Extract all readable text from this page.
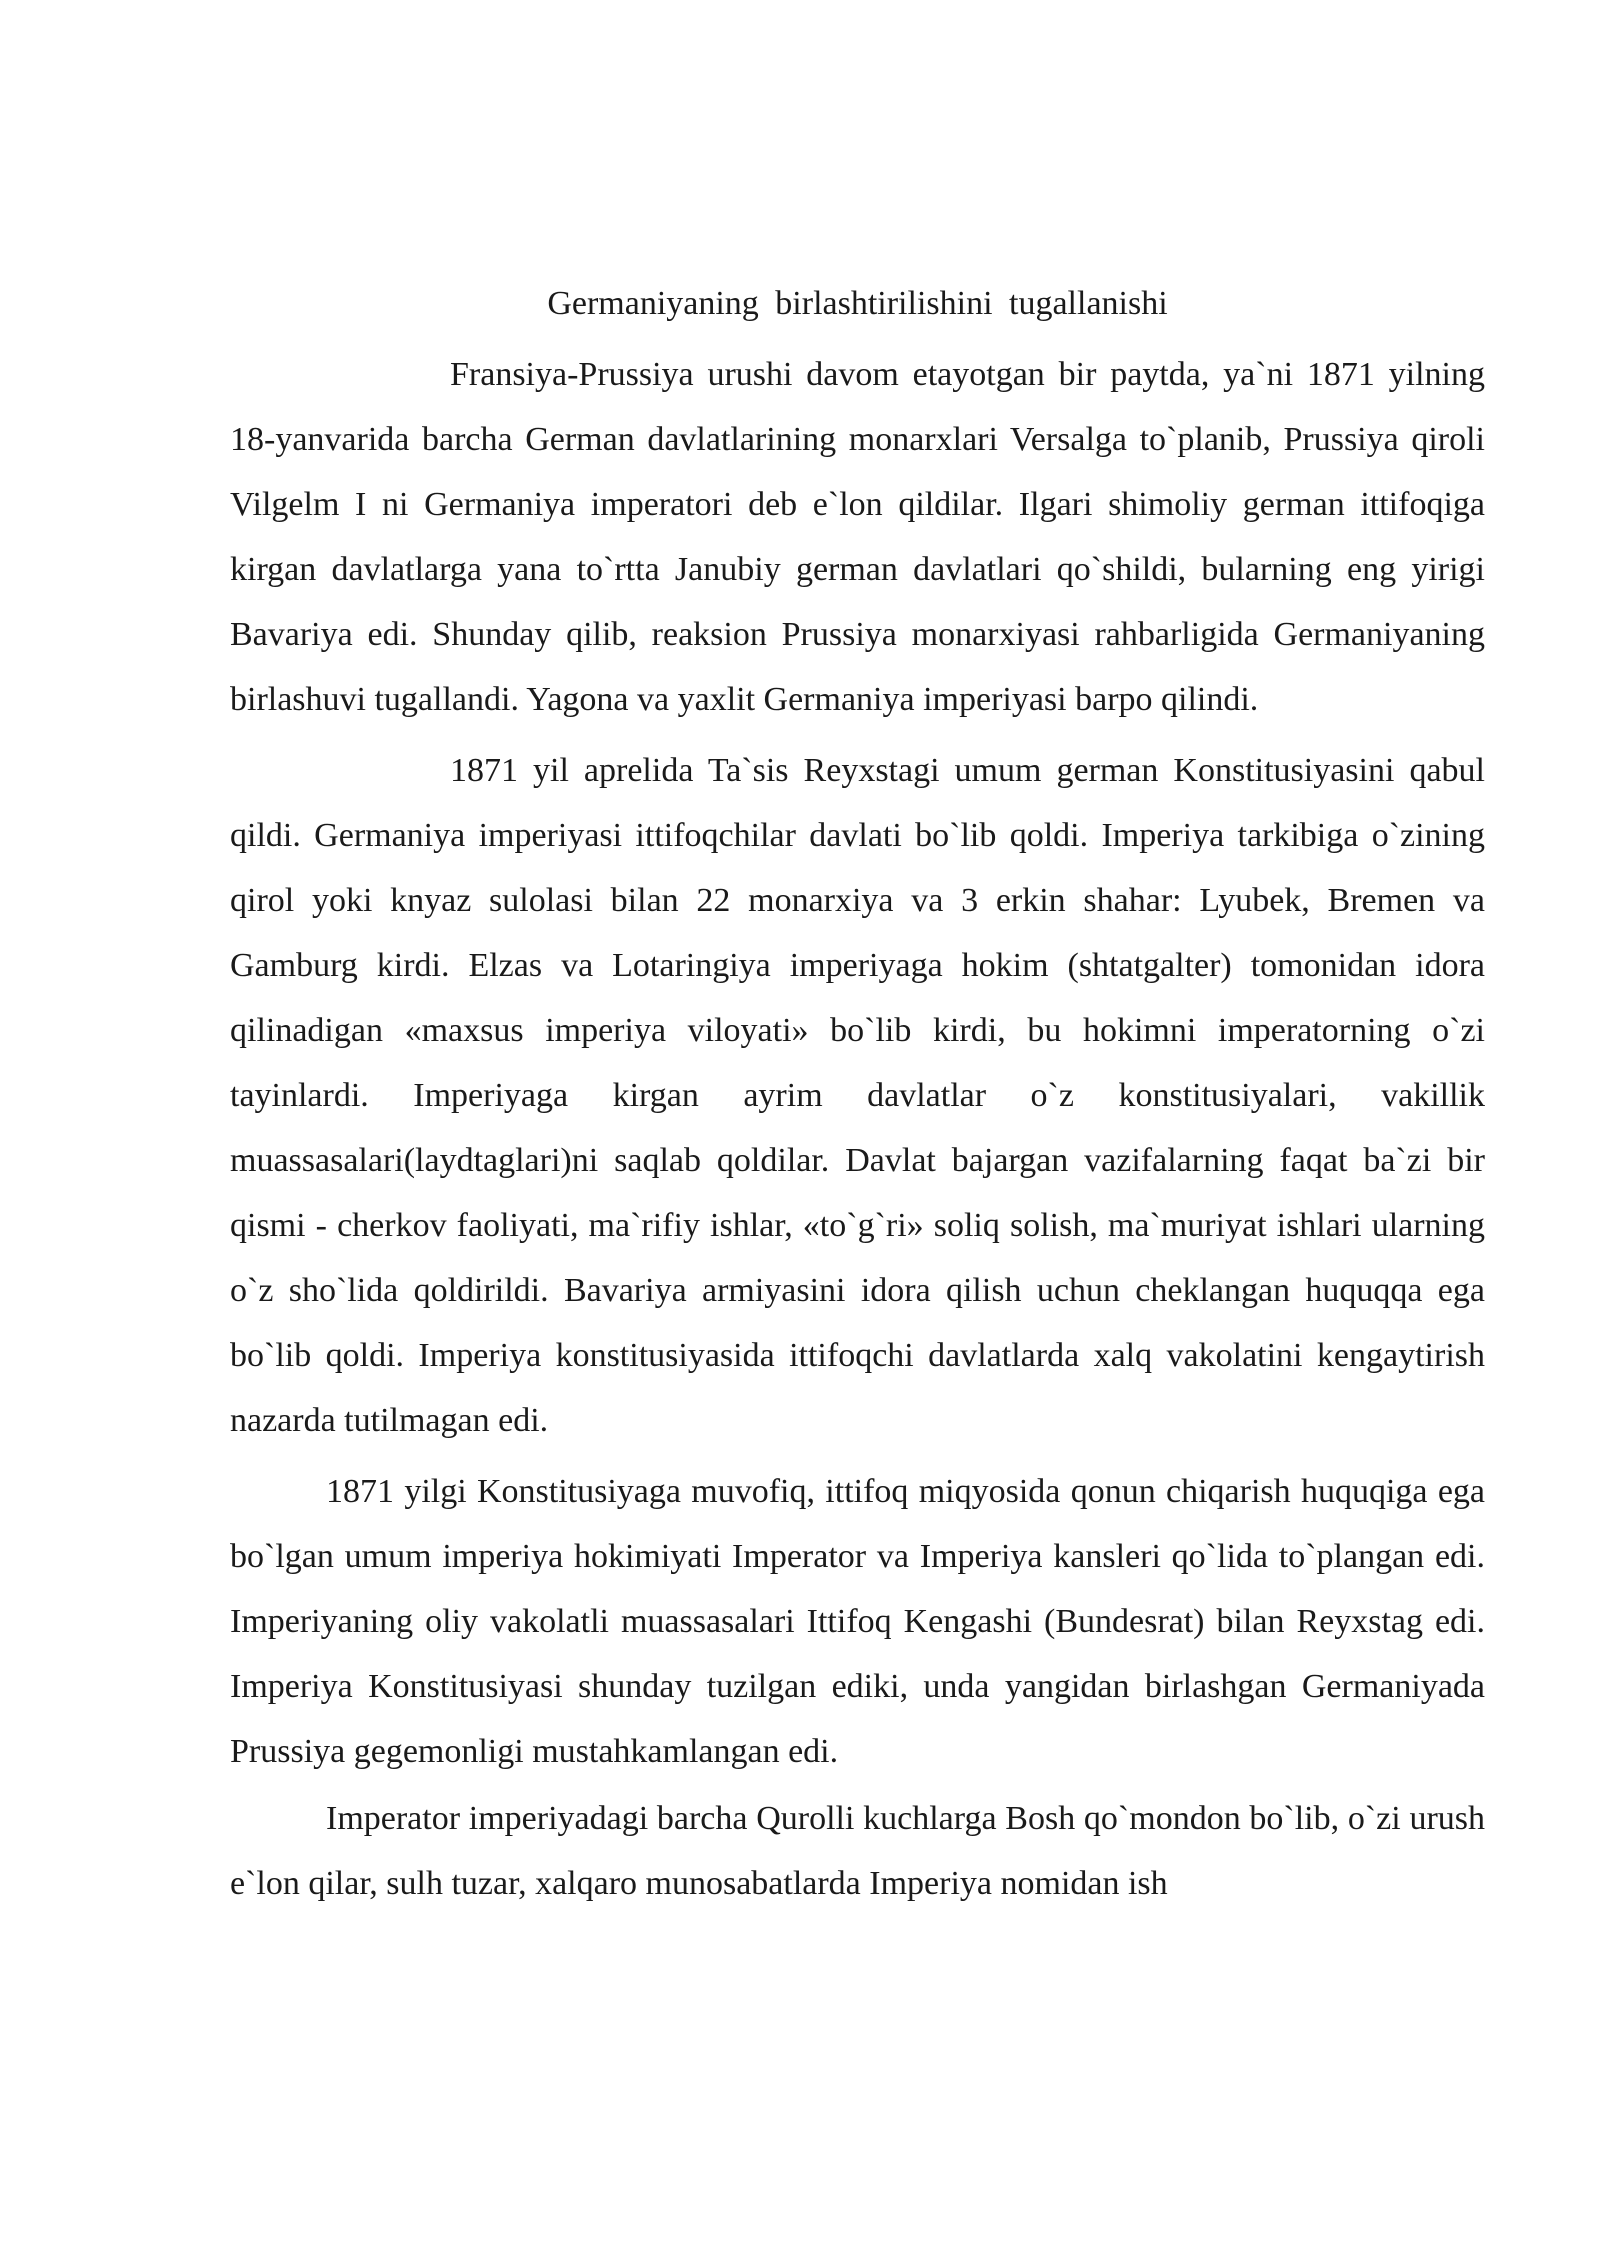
Germaniyaning birlashtirilishini tugallanishi

Fransiya-Prussiya urushi davom etayotgan bir paytda, ya`ni 1871 yilning 18-yanvarida barcha German davlatlarining monarxlari Versalga to`planib, Prussiya qiroli Vilgelm I ni Germaniya imperatori deb e`lon qildilar. Ilgari shimoliy german ittifoqiga kirgan davlatlarga yana to`rtta Janubiy german davlatlari qo`shildi, bularning eng yirigi Bavariya edi. Shunday qilib, reaksion Prussiya monarxiyasi rahbarligida Germaniyaning birlashuvi tugallandi. Yagona va yaxlit Germaniya imperiyasi barpo qilindi.

1871 yil aprelida Ta`sis Reyxstagi umum german Konstitusiyasini qabul qildi. Germaniya imperiyasi ittifoqchilar davlati bo`lib qoldi. Imperiya tarkibiga o`zining qirol yoki knyaz sulolasi bilan 22 monarxiya va 3 erkin shahar: Lyubek, Bremen va Gamburg kirdi. Elzas va Lotaringiya imperiyaga hokim (shtatgalter) tomonidan idora qilinadigan «maxsus imperiya viloyati» bo`lib kirdi, bu hokimni imperatorning o`zi tayinlardi. Imperiyaga kirgan ayrim davlatlar o`z konstitusiyalari, vakillik muassasalari(laydtaglari)ni saqlab qoldilar. Davlat bajargan vazifalarning faqat ba`zi bir qismi - cherkov faoliyati, ma`rifiy ishlar, «to`g`ri» soliq solish, ma`muriyat ishlari ularning o`z sho`lida qoldirildi. Bavariya armiyasini idora qilish uchun cheklangan huquqqa ega bo`lib qoldi. Imperiya konstitusiyasida ittifoqchi davlatlarda xalq vakolatini kengaytirish nazarda tutilmagan edi.

1871 yilgi Konstitusiyaga muvofiq, ittifoq miqyosida qonun chiqarish huquqiga ega bo`lgan umum imperiya hokimiyati Imperator va Imperiya kansleri qo`lida to`plangan edi. Imperiyaning oliy vakolatli muassasalari Ittifoq Kengashi (Bundesrat) bilan Reyxstag edi. Imperiya Konstitusiyasi shunday tuzilgan ediki, unda yangidan birlashgan Germaniyada Prussiya gegemonligi mustahkamlangan edi.

Imperator imperiyadagi barcha Qurolli kuchlarga Bosh qo`mondon bo`lib, o`zi urush e`lon qilar, sulh tuzar, xalqaro munosabatlarda Imperiya nomidan ish
